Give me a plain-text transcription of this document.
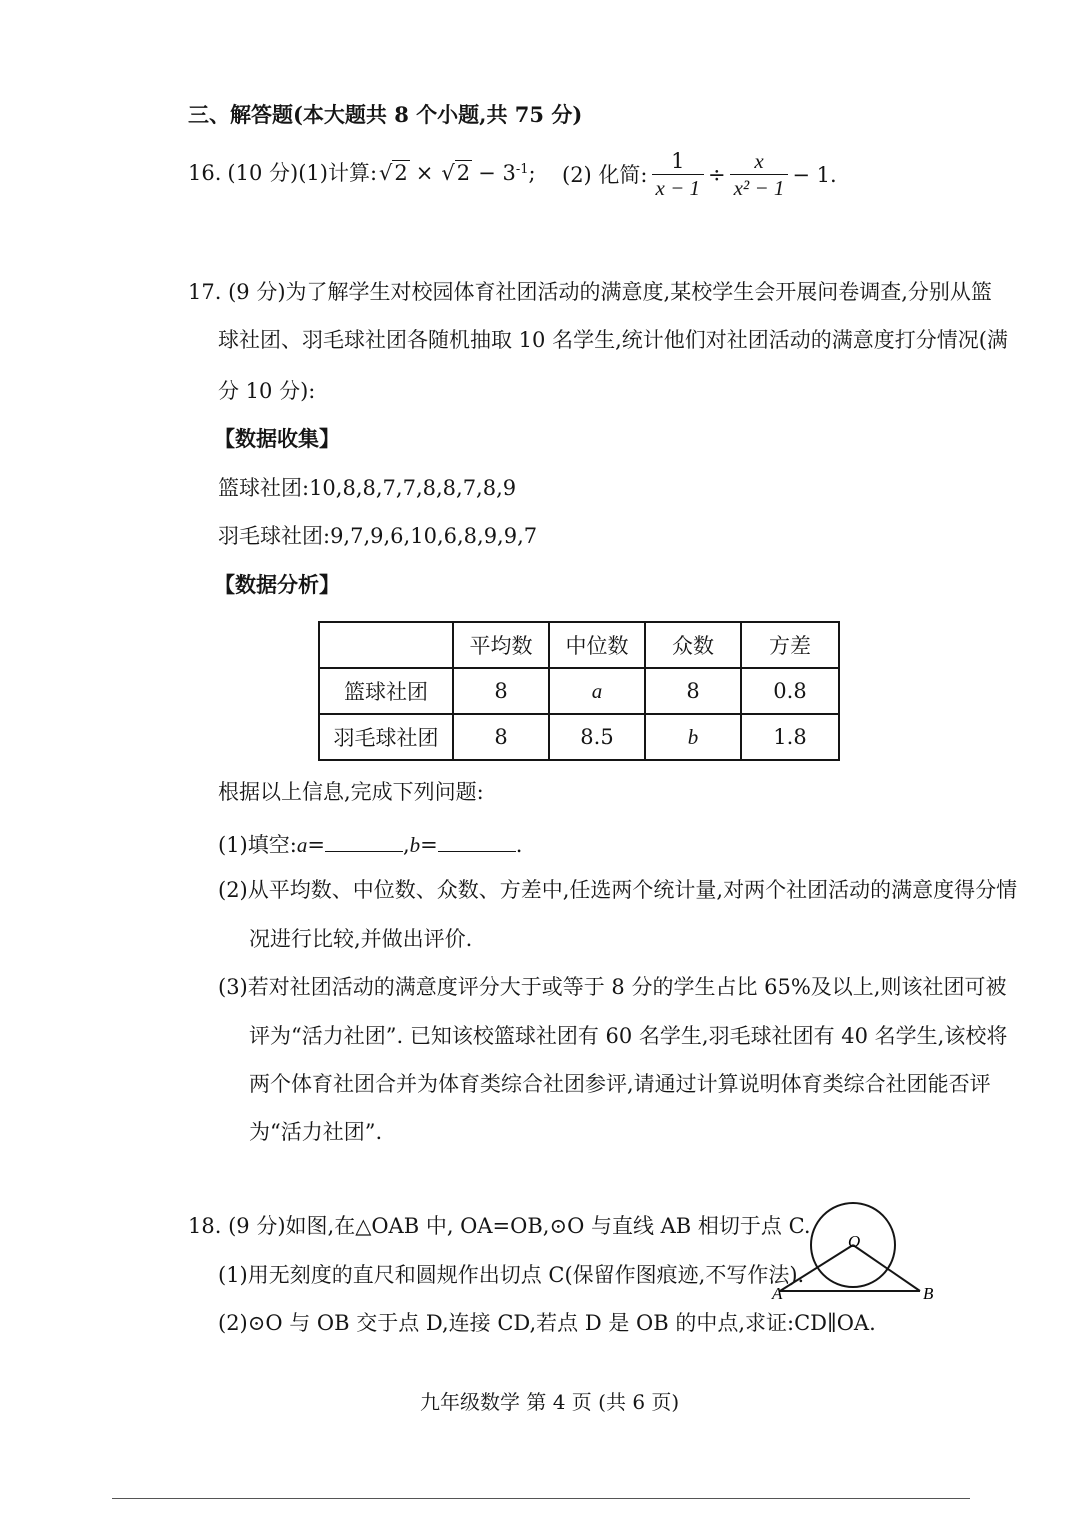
三、解答题(本大题共 8 个小题,共 75 分)
16. (10 分) (1)计算: $√2 \times √2 - 3^{-1}$ ; (2) 化简: $\frac{1}{x - 1} \div \frac{x}{\text{x² − 1}} - 1$.
17. (9 分)为了解学生对校园体育社团活动的满意度,某校学生会开展问卷调查,分别从篮
球社团、羽毛球社团各随机抽取 10 名学生,统计他们对社团活动的满意度打分情况(满
分 10 分):
【数据收集】
篮球社团:10,8,8,7,7,8,8,7,8,9
羽毛球社团:9,7,9,6,10,6,8,9,9,7
【数据分析】
	平均数	中位数	众数	方差
篮球社团	8	a	8	0.8
羽毛球社团	8	8.5	b	1.8
根据以上信息,完成下列问题:
(1)填空:a=	,b=	.
(2)从平均数、中位数、众数、方差中,任选两个统计量,对两个社团活动的满意度得分情
况进行比较,并做出评价.
(3)若对社团活动的满意度评分大于或等于 8 分的学生占比 65%及以上,则该社团可被
评为“活力社团”. 已知该校篮球社团有 60 名学生,羽毛球社团有 40 名学生,该校将
两个体育社团合并为体育类综合社团参评,请通过计算说明体育类综合社团能否评
为“活力社团”.
18. (9 分)如图,在△OAB 中, OA=OB,⊙O 与直线 AB 相切于点 C.
(1)用无刻度的直尺和圆规作出切点 C(保留作图痕迹,不写作法).
(2)⊙O 与 OB 交于点 D,连接 CD,若点 D 是 OB 的中点,求证:CD∥OA.
O
A	B
九年级数学 第 4 页 (共 6 页)
